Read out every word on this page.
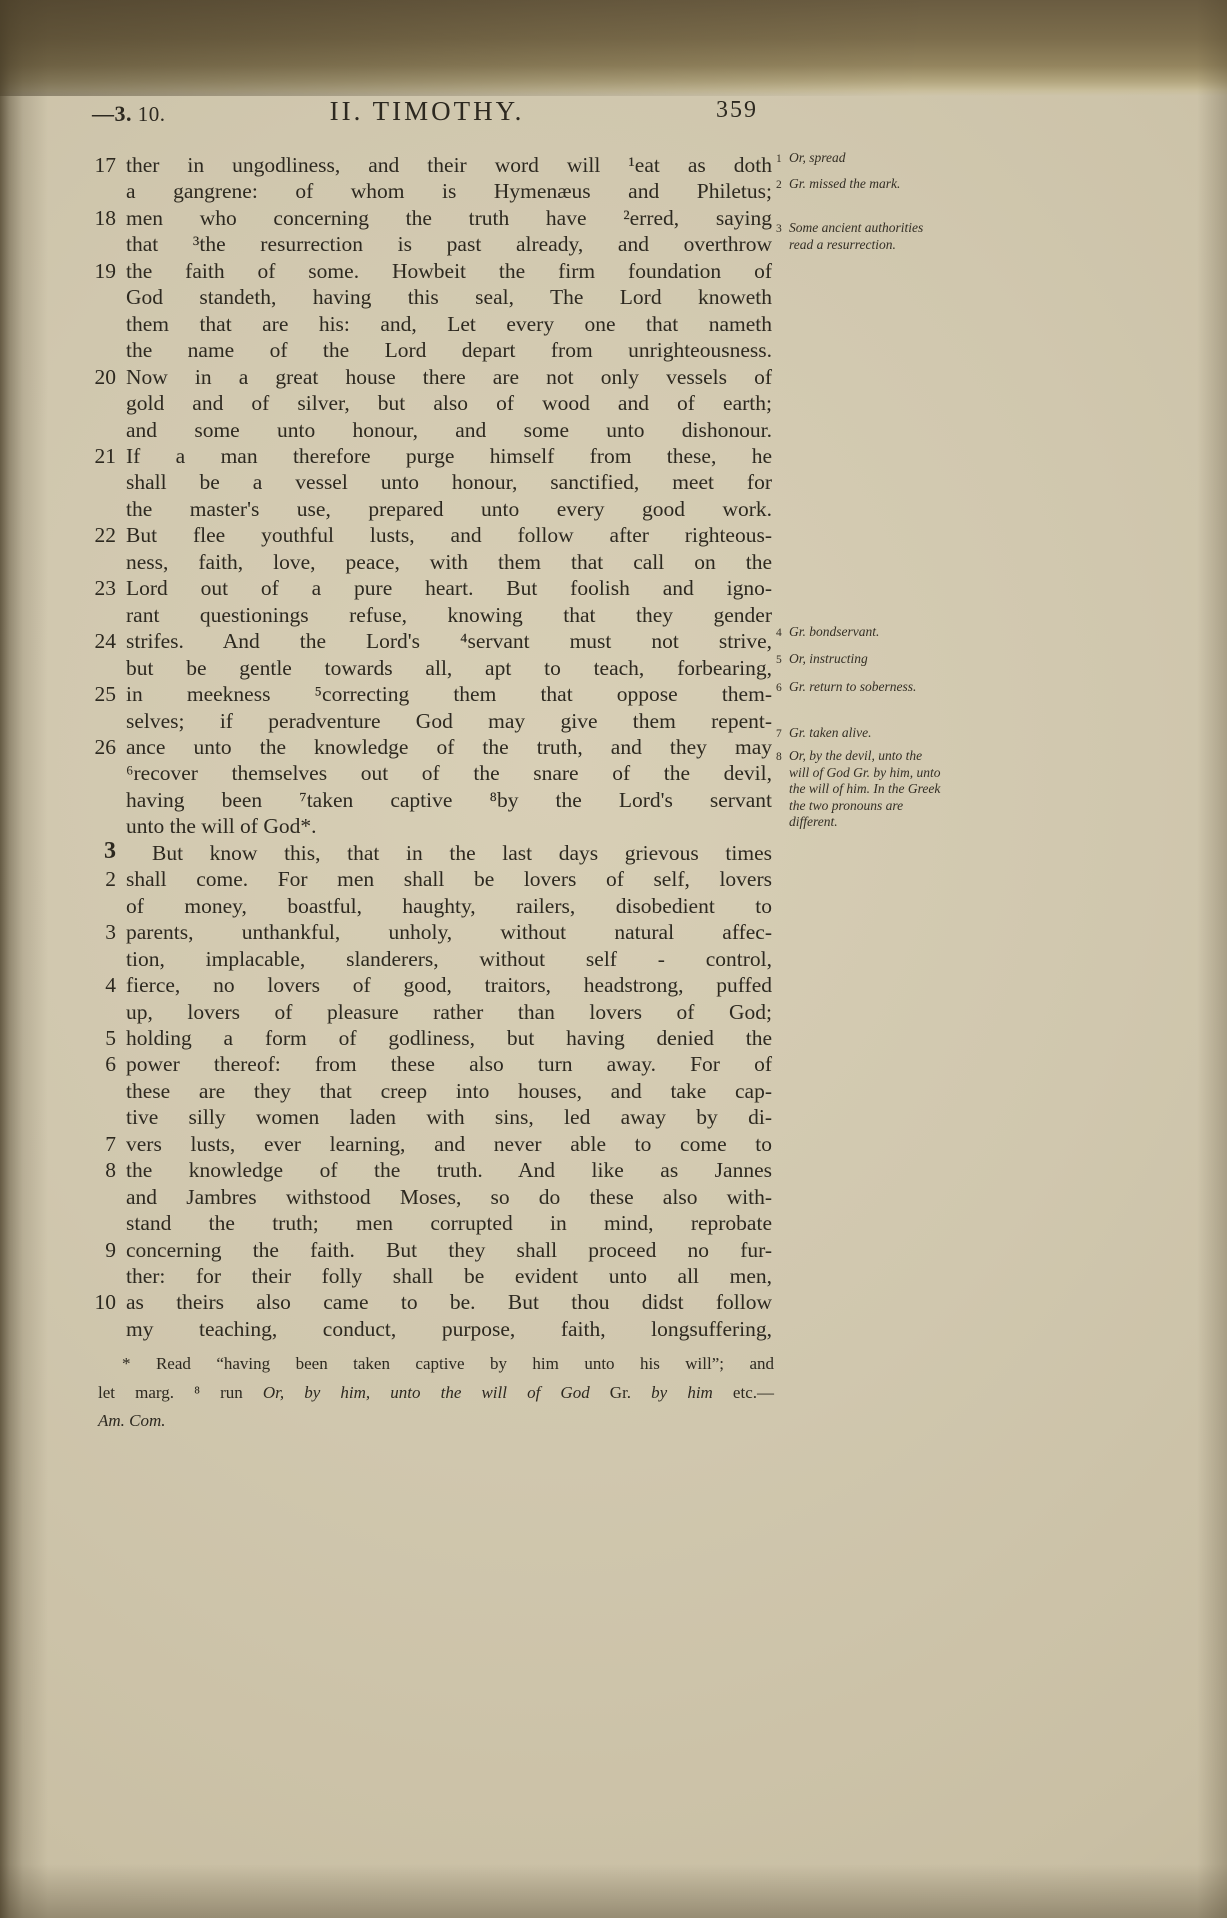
—3. 10.	II. TIMOTHY.	359
17 ther in ungodliness, and their word will ¹eat as doth
a gangrene: of whom is Hymenæus and Philetus;
18 men who concerning the truth have ²erred, saying
that ³the resurrection is past already, and overthrow
19 the faith of some. Howbeit the firm foundation of
God standeth, having this seal, The Lord knoweth
them that are his: and, Let every one that nameth
the name of the Lord depart from unrighteousness.
20 Now in a great house there are not only vessels of
gold and of silver, but also of wood and of earth;
and some unto honour, and some unto dishonour.
21 If a man therefore purge himself from these, he
shall be a vessel unto honour, sanctified, meet for
the master's use, prepared unto every good work.
22 But flee youthful lusts, and follow after righteous-
ness, faith, love, peace, with them that call on the
23 Lord out of a pure heart. But foolish and igno-
rant questionings refuse, knowing that they gender
24 strifes. And the Lord's ⁴servant must not strive,
but be gentle towards all, apt to teach, forbearing,
25 in meekness ⁵correcting them that oppose them-
selves; if peradventure God may give them repent-
26 ance unto the knowledge of the truth, and they may
⁶recover themselves out of the snare of the devil,
having been ⁷taken captive ⁸by the Lord's servant
unto the will of God*.
3	But know this, that in the last days grievous times
2 shall come. For men shall be lovers of self, lovers
of money, boastful, haughty, railers, disobedient to
3 parents, unthankful, unholy, without natural affec-
tion, implacable, slanderers, without self - control,
4 fierce, no lovers of good, traitors, headstrong, puffed
up, lovers of pleasure rather than lovers of God;
5 holding a form of godliness, but having denied the
6 power thereof: from these also turn away. For of
these are they that creep into houses, and take cap-
tive silly women laden with sins, led away by di-
7 vers lusts, ever learning, and never able to come to
8 the knowledge of the truth. And like as Jannes
and Jambres withstood Moses, so do these also with-
stand the truth; men corrupted in mind, reprobate
9 concerning the faith. But they shall proceed no fur-
ther: for their folly shall be evident unto all men,
10 as theirs also came to be. But thou didst follow
my teaching, conduct, purpose, faith, longsuffering,
1 Or, spread
2 Gr. missed the mark.
3 Some ancient authorities read a resurrection.
4 Gr. bondservant.
5 Or, instructing
6 Gr. return to soberness.
7 Gr. taken alive.
8 Or, by the devil, unto the will of God Gr. by him, unto the will of him. In the Greek the two pronouns are different.
* Read “having been taken captive by him unto his will”; and
let marg. ⁸ run Or, by him, unto the will of God Gr. by him etc.—
Am. Com.
